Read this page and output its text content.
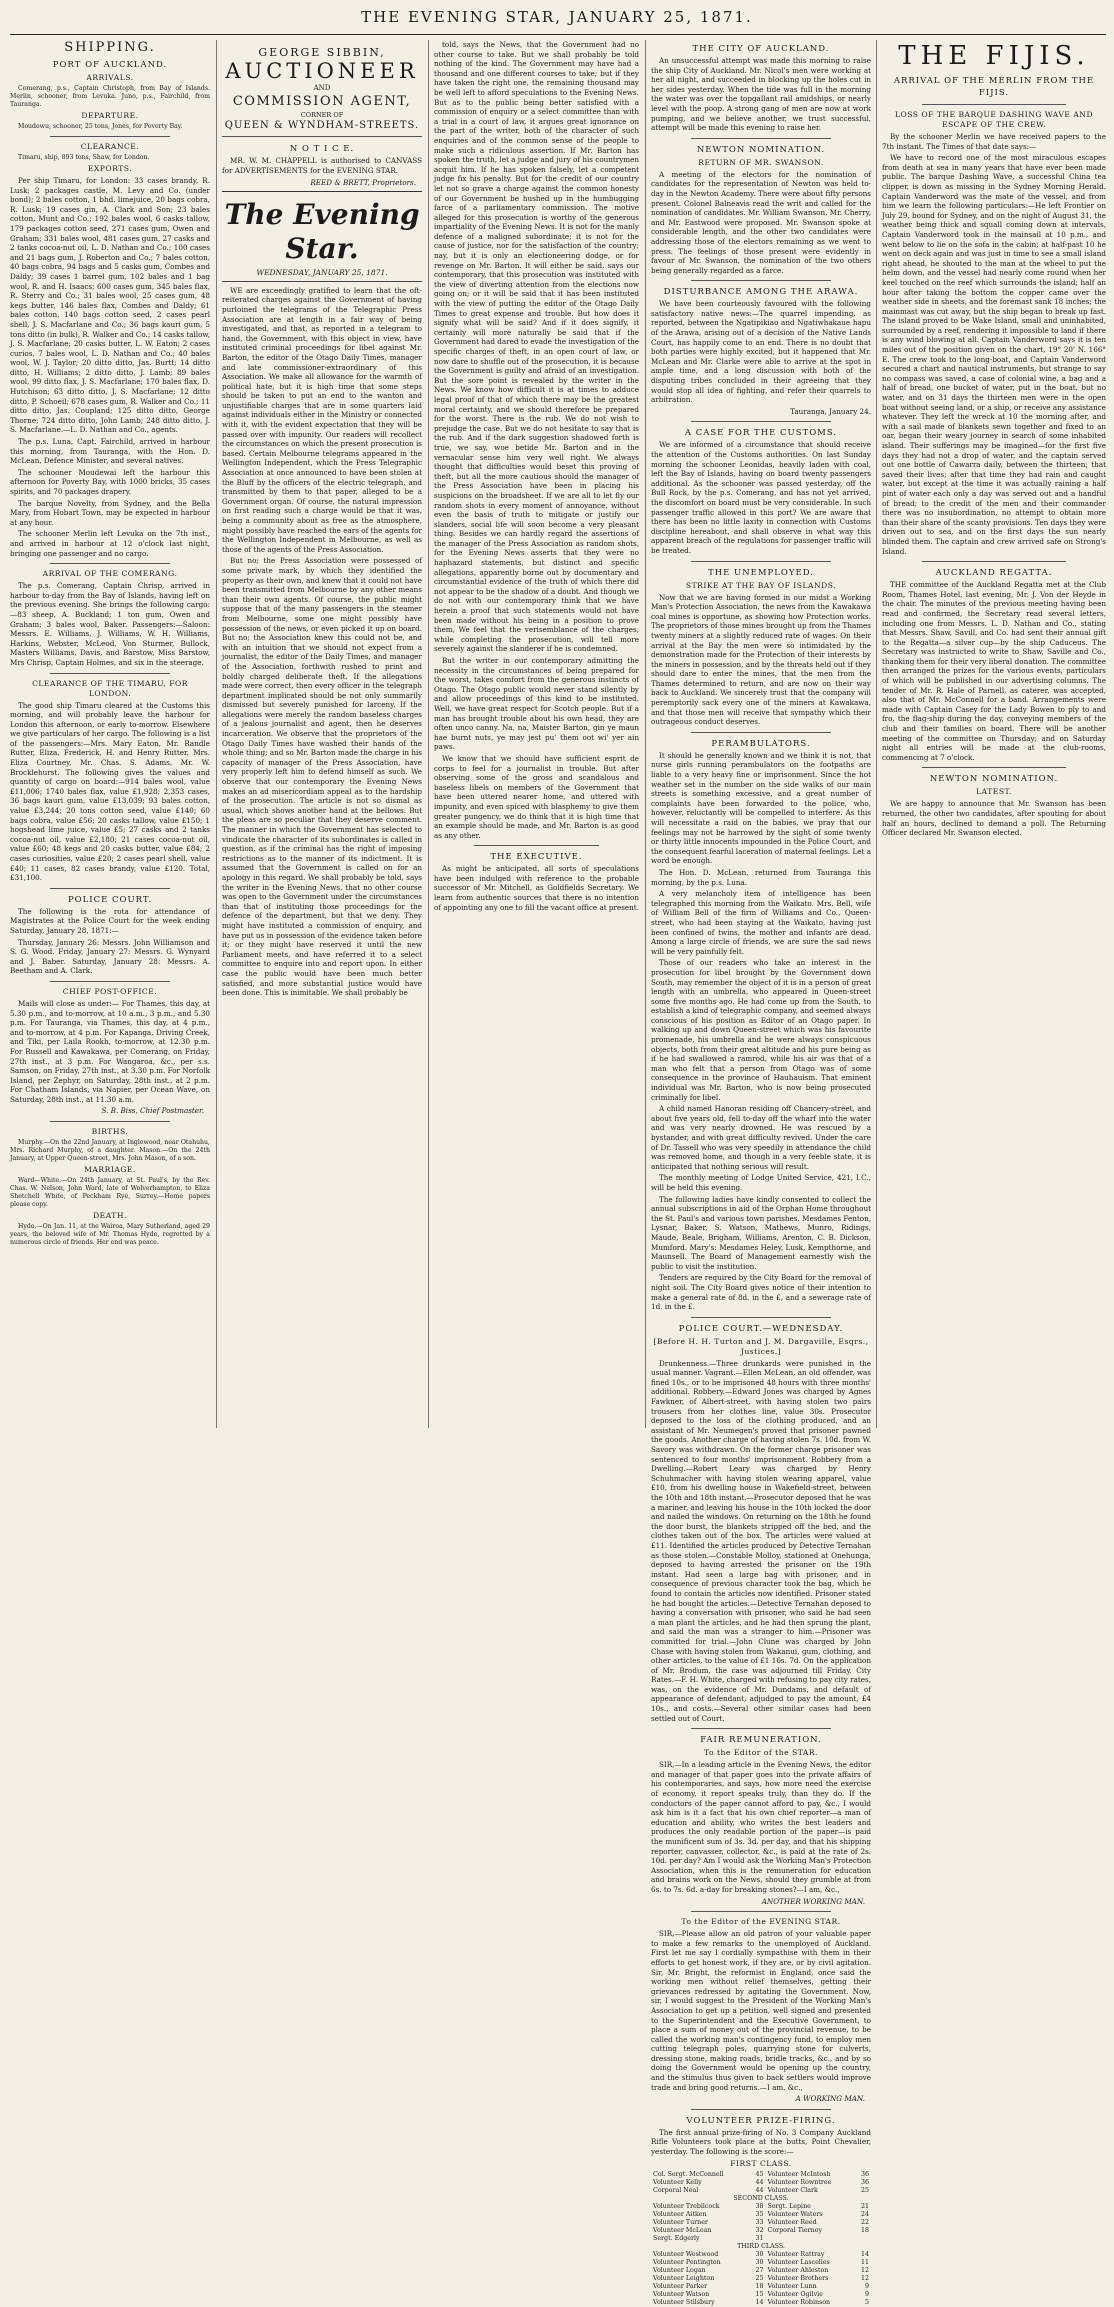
THE EVENING STAR, JANUARY 25, 1871.
SHIPPING.
PORT OF AUCKLAND.
ARRIVALS.

Comerang, p.s., Captain Christoph, from Bay of Islands. Merlin, schooner, from Levuka. Juno, p.s., Fairchild, from Tauranga.

DEPARTURE.

Moudewu, schooner, 25 tons, Jones, for Poverty Bay.

CLEARANCE.

Timaru, ship, 893 tons, Shaw, for London.

EXPORTS.

Per ship Timaru, for London: 33 cases brandy, R. Lusk; 2 packages castle, M. Levy and Co. (under bond); 2 bales cotton, 1 bhd. limejuice, 20 bags cobra, R. Lusk; 19 cases gin, A. Clark and Son; 23 bales cotton, Munt and Co.; 192 bales wool, 6 casks tallow, 179 packages cotton seed, 271 cases gum, Owen and Graham; 331 bales wool, 481 cases gum, 27 casks and 2 tanks cocoa-nut oil, L. D. Nathan and Co.; 100 cases and 21 bags gum, J. Roberton and Co.; 7 bales cotton, 40 bags cobra, 94 bags and 5 casks gum, Combes and Daldy; 39 cases 1 barrel gum, 102 bales and 1 bag wool, R. and H. Isaacs; 600 cases gum, 345 bales flax, R. Sterry and Co.; 31 bales wool, 25 cases gum, 48 kegs butter, 146 bales flax, Combes and Daldy; 61 bales cotton, 140 bags cotton seed, 2 cases pearl shell, J. S. Macfarlane and Co.; 36 bags kauri gum, 5 tons ditto (in bulk), R. Walker and Co.; 14 casks tallow, J. S. Macfarlane; 20 casks butter, L. W. Eaton; 2 cases curios, 7 bales wool, L. D. Nathan and Co.; 40 bales wool, W. J. Taylor; 20 ditto ditto, Jas. Burtt; 14 ditto ditto, H. Williams; 2 ditto ditto, J. Lamb; 89 bales wool, 99 ditto flax, J. S. Macfarlane; 170 bales flax, D. Hutchison; 63 ditto ditto, J. S. Macfarlane; 12 ditto ditto, P. Schoeil; 678 cases gum, R. Walker and Co.; 11 ditto ditto, Jas. Coupland; 125 ditto ditto, George Thorne; 724 ditto ditto, John Lamb; 248 ditto ditto, J. S. Macfarlane.—L. D. Nathan and Co., agents.

The p.s. Luna, Capt. Fairchild, arrived in harbour this morning, from Tauranga, with the Hon. D. McLean, Defence Minister, and several natives.

The schooner Moudewai left the harbour this afternoon for Poverty Bay, with 1000 bricks, 35 cases spirits, and 70 packages drapery.

The barque Novelty, from Sydney, and the Bella Mary, from Hobart Town, may be expected in harbour at any hour.

The schooner Merlin left Levuka on the 7th inst., and arrived in harbour at 12 o'clock last night, bringing one passenger and no cargo.

ARRIVAL OF THE COMERANG.

The p.s. Comerang, Captain Chrisp, arrived in harbour to-day from the Bay of Islands, having left on the previous evening. She brings the following cargo:—83 sheep, A. Buckland; 1 ton gum, Owen and Graham; 3 bales wool, Baker. Passengers:—Saloon: Messrs. E. Williams, J. Williams, W. H. Williams, Harkins, Webster, McLeod, Von Sturmer, Bullock, Masters Williams, Davis, and Barstow, Miss Barstow, Mrs Chrisp, Captain Holmes, and six in the steerage.

CLEARANCE OF THE TIMARU, FOR LONDON.

The good ship Timaru cleared at the Customs this morning, and will probably leave the harbour for London this afternoon, or early to-morrow. Elsewhere we give particulars of her cargo. The following is a list of the passengers:—Mrs. Mary Eaton, Mr. Randle Rutter, Eliza, Frederick, H. and Henry Rutter, Mrs. Eliza Courtney, Mr. Chas. S. Adams, Mr. W. Brocklehurst. The following gives the values and quantity of cargo on board:—914 bales wool, value £11,006; 1740 bales flax, value £1,928; 2,353 cases, 36 bags kauri gum, value £13,039; 93 bales cotton, value £3,244; 20 tons cotton seed, value £140; 60 bags cobra, value £56; 20 casks tallow, value £150; 1 hogshead lime juice, value £5; 27 casks and 2 tanks cocoa-nut oil, value £2,180; 21 cases cocoa-nut oil, value £60; 48 kegs and 20 casks butter, value £84; 2 cases curiosities, value £20; 2 cases pearl shell, value £40; 11 cases, 82 cases brandy, value £120. Total, £31,100.

POLICE COURT.

The following is the rota for attendance of Magistrates at the Police Court for the week ending Saturday, January 28, 1871:—

Thursday, January 26: Messrs. John Williamson and S. G. Wood. Friday, January 27: Messrs. G. Wynyard and J. Baber. Saturday, January 28: Messrs. A. Beetham and A. Clark.

CHIEF POST-OFFICE.

Mails will close as under:— For Thames, this day, at 5.30 p.m., and to-morrow, at 10 a.m., 3 p.m., and 5.30 p.m. For Tauranga, via Thames, this day, at 4 p.m., and to-morrow, at 4 p.m. For Kapanga, Driving Creek, and Tiki, per Laila Rookh, to-morrow, at 12.30 p.m. For Russell and Kawakawa, per Comerang, on Friday, 27th inst., at 3 p.m. For Wangaroa, &c., per s.s. Samson, on Friday, 27th inst., at 3.30 p.m. For Norfolk Island, per Zephyr, on Saturday, 28th inst., at 2 p.m. For Chatham Islands, via Napier, per Ocean Wave, on Saturday, 28th inst., at 11.30 a.m.

S. B. Biss, Chief Postmaster.

BIRTHS.

Murphy.—On the 22nd January, at Inglewood, near Otahuhu, Mrs. Richard Murphy, of a daughter. Mason.—On the 24th January, at Upper Queen-street, Mrs. John Mason, of a son.

MARRIAGE.

Ward—White.—On 24th January, at St. Paul's, by the Rev. Chas. W. Nelson, John Ward, late of Wolverhampton, to Eliza Shetchell White, of Peckham Rye, Surrey.—Home papers please copy.

DEATH.

Hyde.—On Jan. 11, at the Wairoa, Mary Sutherland, aged 29 years, the beloved wife of Mr. Thomas Hyde, regretted by a numerous circle of friends. Her end was peace.

GEORGE SIBBIN,
AUCTIONEER
AND
COMMISSION AGENT,
CORNER OF
QUEEN & WYNDHAM-STREETS.
N O T I C E.

MR. W. M. CHAPPELL is authorised to CANVASS for ADVERTISEMENTS for the EVENING STAR.

REED & BRETT, Proprietors.

The Evening Star.
WEDNESDAY, JANUARY 25, 1871.

WE are exceedingly gratified to learn that the oft-reiterated charges against the Government of having purloined the telegrams of the Telegraphic Press Association are at length in a fair way of being investigated, and that, as reported in a telegram to hand, the Government, with this object in view, have instituted criminal proceedings for libel against Mr. Barton, the editor of the Otago Daily Times, manager and late commissioner-extraordinary of this Association. We make all allowance for the warmth of political hate, but it is high time that some steps should be taken to put an end to the wanton and unjustifiable charges that are in some quarters laid against individuals either in the Ministry or connected with it, with the evident expectation that they will be passed over with impunity. Our readers will recollect the circumstances on which the present prosecution is based. Certain Melbourne telegrams appeared in the Wellington Independent, which the Press Telegraphic Association at once announced to have been stolen at the Bluff by the officers of the electric telegraph, and transmitted by them to that paper, alleged to be a Government organ. Of course, the natural impression on first reading such a charge would be that it was, being a community about as free as the atmosphere, might possibly have reached the ears of the agents for the Wellington Independent in Melbourne, as well as those of the agents of the Press Association.

But no; the Press Association were possessed of some private mark, by which they identified the property as their own, and knew that it could not have been transmitted from Melbourne by any other means than their own agents. Of course, the public might suppose that of the many passengers in the steamer from Melbourne, some one might possibly have possession of the news, or even picked it up on board. But no; the Association knew this could not be, and with an intuition that we should not expect from a journalist, the editor of the Daily Times, and manager of the Association, forthwith rushed to print and boldly charged deliberate theft. If the allegations made were correct, then every officer in the telegraph department implicated should be not only summarily dismissed but severely punished for larceny. If the allegations were merely the random baseless charges of a jealous journalist and agent, then he deserves incarceration. We observe that the proprietors of the Otago Daily Times have washed their hands of the whole thing; and so Mr. Barton made the charge in his capacity of manager of the Press Association, have very properly left him to defend himself as such. We observe that our contemporary the Evening News makes an ad misericordiam appeal as to the hardship of the prosecution. The article is not so dismal as usual, which shows another hand at the bellows. But the pleas are so peculiar that they deserve comment. The manner in which the Government has selected to vindicate the character of its subordinates is called in question, as if the criminal has the right of imposing restrictions as to the manner of its indictment. It is assumed that the Government is called on for an apology in this regard. We shall probably be told, says the writer in the Evening News, that no other course was open to the Government under the circumstances than that of instituting those proceedings for the defence of the department, but that we deny. They might have instituted a commission of enquiry, and have put us in possession of the evidence taken before it; or they might have reserved it until the new Parliament meets, and have referred it to a select committee to enquire into and report upon. In either case the public would have been much better satisfied, and more substantial justice would have been done. This is inimitable. We shall probably be

told, says the News, that the Government had no other course to take. But we shall probably be told nothing of the kind. The Government may have had a thousand and one different courses to take; but if they have taken the right one, the remaining thousand may be well left to afford speculations to the Evening News. But as to the public being better satisfied with a commission of enquiry or a select committee than with a trial in a court of law, it argues great ignorance on the part of the writer, both of the character of such enquiries and of the common sense of the people to make such a ridiculous assertion. If Mr. Barton has spoken the truth, let a judge and jury of his countrymen acquit him. If he has spoken falsely, let a competent judge fix his penalty. But for the credit of our country let not so grave a charge against the common honesty of our Government be hushed up in the humbugging farce of a parliamentary commission. The motive alleged for this prosecution is worthy of the generous impartiality of the Evening News. It is not for the manly defence of a maligned subordinate; it is not for the cause of justice, nor for the satisfaction of the country; nay, but it is only an electioneering dodge, or for revenge on Mr. Barton. It will either be said, says our contemporary, that this prosecution was instituted with the view of diverting attention from the elections now going on; or it will be said that it has been instituted with the view of putting the editor of the Otago Daily Times to great expense and trouble. But how does it signify what will be said? And if it does signify, it certainly will more naturally be said that if the Government had dared to evade the investigation of the specific charges of theft, in an open court of law, or now dare to shuffle out of the prosecution, it is because the Government is guilty and afraid of an investigation. But the sore point is revealed by the writer in the News. We know how difficult it is at times to adduce legal proof of that of which there may be the greatest moral certainty, and we should therefore be prepared for the worst. There is the rub. We do not wish to prejudge the case. But we do not hesitate to say that is the rub. And if the dark suggestion shadowed forth is true, we say, woe betide Mr. Barton and in the vernacular sense him very well right. We always thought that difficulties would beset this proving of theft, but all the more cautious should the manager of the Press Association have been in placing his suspicions on the broadsheet. If we are all to let fly our random shots in every moment of annoyance, without even the basis of truth to mitigate or justify our slanders, social life will soon become a very pleasant thing. Besides we can hardly regard the assertions of the manager of the Press Association as random shots, for the Evening News asserts that they were no haphazard statements, but distinct and specific allegations, apparently borne out by documentary and circumstantial evidence of the truth of which there did not appear to be the shadow of a doubt. And though we do not with our contemporary think that we have herein a proof that such statements would not have been made without his being in a position to prove them, We feel that the verisemblance of the charges, while completing the prosecution, will tell more severely against the slanderer if he is condemned.

But the writer in our contemporary admitting the necessity in the circumstances of being prepared for the worst, takes comfort from the generous instincts of Otago. The Otago public would never stand silently by and allow proceedings of this kind to be instituted. Well, we have great respect for Scotch people. But if a man has brought trouble about his own head, they are often unco canny. Na, na, Maister Barton, gin ye maun hae burnt nuts, ye may jest pu' them oot wi' yer ain paws.

We know that we should have sufficient esprit de corps to feel for a journalist in trouble. But after observing some of the gross and scandalous and baseless libels on members of the Government that have been uttered nearer home, and uttered with impunity, and even spiced with blasphemy to give them greater pungency, we do think that it is high time that an example should be made, and Mr. Barton is as good as any other.

THE EXECUTIVE.

As might be anticipated, all sorts of speculations have been indulged with reference to the probable successor of Mr. Mitchell, as Goldfields Secretary. We learn from authentic sources that there is no intention of appointing any one to fill the vacant office at present.

THE CITY OF AUCKLAND.

An unsuccessful attempt was made this morning to raise the ship City of Auckland. Mr. Nicol's men were working at her all night, and succeeded in blocking up the holes cut in her sides yesterday. When the tide was full in the morning the water was over the topgallant rail amidships, or nearly level with the poop. A strong gang of men are now at work pumping, and we believe another, we trust successful, attempt will be made this evening to raise her.

NEWTON NOMINATION.
RETURN OF MR. SWANSON.

A meeting of the electors for the nomination of candidates for the representation of Newton was held to-day in the Newton Academy. There were about fifty persons present. Colonel Balneavis read the writ and called for the nomination of candidates. Mr. William Swanson, Mr. Cherry, and Mr. Eastwood were proposed. Mr. Swanson spoke at considerable length, and the other two candidates were addressing those of the electors remaining as we went to press. The feelings of those present were evidently in favour of Mr. Swanson, the nomination of the two others being generally regarded as a farce.

DISTURBANCE AMONG THE ARAWA.

We have been courteously favoured with the following satisfactory native news:—The quarrel impending, as reported, between the Ngatipikiao and Ngatiwhakaue hapu of the Arawa, arising out of a decision of the Native Lands Court, has happily come to an end. There is no doubt that both parties were highly excited, but it happened that Mr. McLean and Mr. Clarke were able to arrive at the spot in ample time, and a long discussion with both of the disputing tribes concluded in their agreeing that they would stop all idea of fighting, and refer their quarrels to arbitration.

Tauranga, January 24.

A CASE FOR THE CUSTOMS.

We are informed of a circumstance that should receive the attention of the Customs authorities. On last Sunday morning the schooner Leonidas, heavily laden with coal, left the Bay of Islands, having on board twenty passengers additional. As the schooner was passed yesterday, off the Bull Rock, by the p.s. Comerang, and has not yet arrived, the discomfort on board must be very considerable. In such passenger traffic allowed in this port? We are aware that there has been no little laxity in connection with Customs discipline hereabout, and shall observe in what way this apparent breach of the regulations for passenger traffic will be treated.

THE UNEMPLOYED.
STRIKE AT THE BAY OF ISLANDS.

Now that we are having formed in our midst a Working Man's Protection Association, the news from the Kawakawa coal mines is opportune, as showing how Protection works. The proprietors of those mines brought up from the Thames twenty miners at a slightly reduced rate of wages. On their arrival at the Bay the men were so intimidated by the demonstration made for the Protection of their interests by the miners in possession, and by the threats held out if they should dare to enter the mines, that the men from the Thames determined to return, and are now on their way back to Auckland. We sincerely trust that the company will peremptorily sack every one of the miners at Kawakawa, and that those men will receive that sympathy which their outrageous conduct deserves.

PERAMBULATORS.

It should be generally known and we think it is not, that nurse girls running perambulators on the footpaths are liable to a very heavy fine or imprisonment. Since the hot weather set in the number on the side walks of our main streets is something excessive, and a great number of complaints have been forwarded to the police, who, however, reluctantly will be compelled to interfere. As this will necessitate a raid on the babies, we pray that our feelings may not be harrowed by the sight of some twenty or thirty little innocents impounded in the Police Court, and the consequent fearful laceration of maternal feelings. Let a word be enough.

The Hon. D. McLean, returned from Tauranga this morning, by the p.s. Luna.

A very melancholy item of intelligence has been telegraphed this morning from the Waikato. Mrs. Bell, wife of William Bell of the firm of Williams and Co., Queen-street, who had been staying at the Waikato, having just been confined of twins, the mother and infants are dead. Among a large circle of friends, we are sure the sad news will be very painfully felt.

Those of our readers who take an interest in the prosecution for libel brought by the Government down South, may remember the object of it is in a person of great length with an umbrella, who appeared in Queen-street some five months ago. He had come up from the South, to establish a kind of telegraphic company, and seemed always conscious of his position as Editor of an Otago paper. In walking up and down Queen-street which was his favourite promenade, his umbrella and he were always conspicuous objects, both from their great altitude and his pure being as if he had swallowed a ramrod, while his air was that of a man who felt that a person from Otago was of some consequence in the province of Hauhauism. That eminent individual was Mr. Barton, who is now being prosecuted criminally for libel.

A child named Hanoran residing off Chancery-street, and about five years old, fell to-day off the wharf into the water and was very nearly drowned. He was rescued by a bystander, and with great difficulty revived. Under the care of Dr. Tassell who was very speedily in attendance the child was removed home, and though in a very feeble state, it is anticipated that nothing serious will result.

The monthly meeting of Lodge United Service, 421, I.C., will be held this evening.

The following ladies have kindly consented to collect the annual subscriptions in aid of the Orphan Home throughout the St. Paul's and various town parishes. Mesdames Fenton, Lysnar, Baker, S. Watson, Mathews, Munro, Ridings, Maude, Beale, Brigham, Williams, Arenton, C. B. Dickson, Mumford. Mary's: Mesdames Heley, Lusk, Kempthorne, and Maunsell. The Board of Management earnestly wish the public to visit the institution.

Tenders are required by the City Board for the removal of night soil. The City Board gives notice of their intention to make a general rate of 8d. in the £, and a sewerage rate of 1d. in the £.

POLICE COURT.—WEDNESDAY.
[Before H. H. Turton and J. M. Dargaville, Esqrs., Justices.]

Drunkenness.—Three drunkards were punished in the usual manner. Vagrant.—Ellen McLean, an old offender, was fined 10s., or to be imprisoned 48 hours with three months' additional. Robbery.—Edward Jones was charged by Agnes Fawkner, of Albert-street, with having stolen two pairs trousers from her clothes line, value 30s. Prosecutor deposed to the loss of the clothing produced, and an assistant of Mr. Neumegen's proved that prisoner pawned the goods. Another charge of having stolen 7s. 10d. from W. Savory was withdrawn. On the former charge prisoner was sentenced to four months' imprisonment. Robbery from a Dwelling.—Robert Leary was charged by Henry Schuhmacher with having stolen wearing apparel, value £10, from his dwelling house in Wakefield-street, between the 10th and 18th instant.—Prosecutor deposed that he was a mariner, and leaving his house in the 10th locked the door and nailed the windows. On returning on the 18th he found the door burst, the blankets stripped off the bed, and the clothes taken out of the box. The articles were valued at £11. Identified the articles produced by Detective Ternahan as those stolen.—Constable Molloy, stationed at Onehunga, deposed to having arrested the prisoner on the 19th instant. Had seen a large bag with prisoner, and in consequence of previous character took the bag, which he found to contain the articles now identified. Prisoner stated he had bought the articles.—Detective Ternahan deposed to having a conversation with prisoner, who said he had seen a man plant the articles, and he had then sprung the plant, and said the man was a stranger to him.—Prisoner was committed for trial.—John Clune was charged by John Chase with having stolen from Wakanui, gum, clothing, and other articles, to the value of £1 16s. 7d. On the application of Mr. Brodum, the case was adjourned till Friday. City Rates.—F. H. White, charged with refusing to pay city rates, was, on the evidence of Mr. Dundams, and default of appearance of defendant, adjudged to pay the amount, £4 10s., and costs.—Several other similar cases had been settled out of Court.

FAIR REMUNERATION.
To the Editor of the STAR.

SIR,—In a leading article in the Evening News, the editor and manager of that paper goes into the private affairs of his contemporaries, and says, how more need the exercise of economy, it report speaks truly, than they do. If the conductors of the paper cannot afford to pay, &c., I would ask him is it a fact that his own chief reporter—a man of education and ability, who writes the best leaders and produces the only readable portion of the paper—is paid the munificent sum of 3s. 3d. per day, and that his shipping reporter, canvasser, collector, &c., is paid at the rate of 2s. 10d. per day? Am I would ask the Working Man's Protection Association, when this is the remuneration for education and brains work on the News, should they grumble at from 6s. to 7s. 6d. a-day for breaking stones?—I am, &c.,

ANOTHER WORKING MAN.

To the Editor of the EVENING STAR.

SIR,—Please allow an old patron of your valuable paper to make a few remarks to the unemployed of Auckland. First let me say I cordially sympathise with them in their efforts to get honest work, if they are, or by civil agitation. Sir, Mr. Bright, the reformist in England, once said the working men without relief themselves, getting their grievances redressed by agitating the Government. Now, sir, I would suggest to the President of the Working Man's Association to get up a petition, well signed and presented to the Superintendent and the Executive Government, to place a sum of money out of the provincial revenue, to be called the working man's contingency fund, to employ men cutting telegraph poles, quarrying stone for culverts, dressing stone, making roads, bridle tracks, &c., and by so doing the Government would be opening up the country, and the stimulus thus given to back settlers would improve trade and bring good returns.—I am, &c.,

A WORKING MAN.

VOLUNTEER PRIZE-FIRING.

The first annual prize-firing of No. 3 Company Auckland Rifle Volunteers took place at the butts, Point Chevalier, yesterday. The following is the score:—

FIRST CLASS.
Col. Sergt. McConnell	45	Volunteer McIntosh	36
Volunteer Kelly	44	Volunteer Rowntree	36
Corporal Neal	44	Volunteer Clark	25
SECOND CLASS.			
Volunteer Trebilcock	38	Sergt. Lepine	21
Volunteer Aitken	35	Volunteer Waters	24
Volunteer Turner	33	Volunteer Reed	22
Volunteer McLean	32	Corporal Tierney	18
Sergt. Edgerly	31		
THIRD CLASS.			
Volunteer Westwood	30	Volunteer Rattray	14
Volunteer Pentington	30	Volunteer Lascelles	11
Volunteer Logan	27	Volunteer Ahleston	12
Volunteer Leighton	25	Volunteer Brothers	12
Volunteer Parker	18	Volunteer Lunn	9
Volunteer Watson	15	Volunteer Ogilvie	9
Volunteer Stilsbury	14	Volunteer Robinson	5
THE FIJIS.
ARRIVAL OF THE MERLIN FROM THE FIJIS.
LOSS OF THE BARQUE DASHING WAVE AND ESCAPE OF THE CREW.

By the schooner Merlin we have received papers to the 7th instant. The Times of that date says:—

We have to record one of the most miraculous escapes from death at sea in many years that have ever been made public. The barque Dashing Wave, a successful China tea clipper, is down as missing in the Sydney Morning Herald. Captain Vanderword was the mate of the vessel, and from him we learn the following particulars:—He left Frontier on July 29, bound for Sydney, and on the night of August 31, the weather being thick and squall coming down at intervals, Captain Vanderword took in the mainsail at 10 p.m., and went below to lie on the sofa in the cabin; at half-past 10 he went on deck again and was just in time to see a small island right ahead, he shouted to the man at the wheel to put the helm down, and the vessel had nearly come round when her keel touched on the reef which surrounds the island; half an hour after taking the bottom the copper came over the weather side in sheets, and the foremast sank 18 inches; the mainmast was cut away, but the ship began to break up fast. The island proved to be Wake Island, small and uninhabited, surrounded by a reef, rendering it impossible to land if there is any wind blowing at all. Captain Vanderword says it is ten miles out of the position given on the chart, 19° 20' N. 166° E. The crew took to the long-boat, and Captain Vanderword secured a chart and nautical instruments, but strange to say no compass was saved, a case of colonial wine, a bag and a half of bread, one bucket of water, put in the boat, but no water, and on 31 days the thirteen men were in the open boat without seeing land, or a ship, or receive any assistance whatever. They left the wreck at 10 the morning after, and with a sail made of blankets sewn together and fixed to an oar, began their weary journey in search of some inhabited island. Their sufferings may be imagined—for the first five days they had not a drop of water, and the captain served out one bottle of Cawarra daily, between the thirteen; that saved their lives; after that time they had rain and caught water, but except at the time it was actually raining a half pint of water each only a day was served out and a handful of bread; to the credit of the men and their commander there was no insubordination, no attempt to obtain more than their share of the scanty provisions. Ten days they were driven out to sea, and on the first days the sun nearly blinded them. The captain and crew arrived safe on Strong's Island.

AUCKLAND REGATTA.

THE committee of the Auckland Regatta met at the Club Room, Thames Hotel, last evening, Mr. J. Von der Heyde in the chair. The minutes of the previous meeting having been read and confirmed, the Secretary read several letters, including one from Messrs. L. D. Nathan and Co., stating that Messrs. Shaw, Savill, and Co. had sent their annual gift to the Regatta—a silver cup—by the ship Caduceus. The Secretary was instructed to write to Shaw, Saville and Co., thanking them for their very liberal donation. The committee then arranged the prizes for the various events, particulars of which will be published in our advertising columns. The tender of Mr. R. Hale of Parnell, as caterer, was accepted, also that of Mr. McConnell for a band. Arrangements were made with Captain Casey for the Lady Bowen to ply to and fro, the flag-ship during the day, conveying members of the club and their families on board. There will be another meeting of the committee on Thursday; and on Saturday night all entries will be made at the club-rooms, commencing at 7 o'clock.

NEWTON NOMINATION.
LATEST.

We are happy to announce that Mr. Swanson has been returned, the other two candidates, after spouting for about half an hours, declined to demand a poll. The Returning Officer declared Mr. Swanson elected.
